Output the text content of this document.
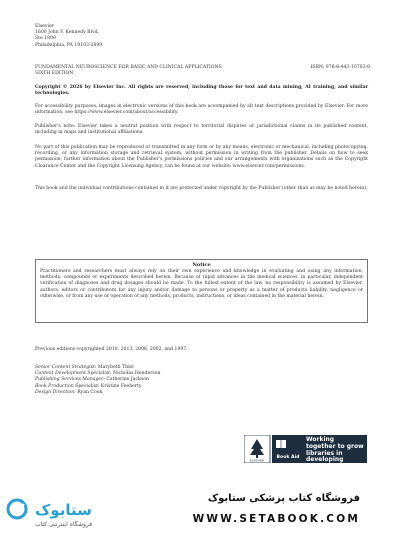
Elsevier
1600 John F. Kennedy Blvd.
Ste 1800
Philadelphia, PA 19103-2899
FUNDAMENTAL NEUROSCIENCE FOR BASIC AND CLINICAL APPLICATIONS
SIXTH EDITION
ISBN: 978-0-443-10703-0
Copyright © 2026 by Elsevier Inc. All rights are reserved, including those for text and data mining, AI training, and similar technologies.
For accessibility purposes, images in electronic versions of this book are accompanied by alt text descriptions provided by Elsevier. For more information, see https://www.elsevier.com/about/accessibility.
Publisher's note: Elsevier takes a neutral position with respect to territorial disputes or jurisdictional claims in its published content, including in maps and institutional affiliations.
No part of this publication may be reproduced or transmitted in any form or by any means, electronic or mechanical, including photocopying, recording, or any information storage and retrieval system, without permission in writing from the publisher. Details on how to seek permission, further information about the Publisher's permissions policies and our arrangements with organizations such as the Copyright Clearance Center and the Copyright Licensing Agency, can be found at our website: www.elsevier.com/permissions.
This book and the individual contributions contained in it are protected under copyright by the Publisher (other than as may be noted herein).
Notice
Practitioners and researchers must always rely on their own experience and knowledge in evaluating and using any information, methods, compounds or experiments described herein. Because of rapid advances in the medical sciences, in particular, independent verification of diagnoses and drug dosages should be made. To the fullest extent of the law, no responsibility is assumed by Elsevier, authors, editors or contributors for any injury and/or damage to persons or property as a matter of products liability, negligence or otherwise, or from any use or operation of any methods, products, instructions, or ideas contained in the material herein.
Previous editions copyrighted 2018, 2013, 2006, 2002, and 1997.
Senior Content Strategist: Marybeth Thiel
Content Development Specialist: Nicholas Henderson
Publishing Services Manager: Catherine Jackson
Book Production Specialist: Kristine Feeherty
Design Direction: Ryan Cook
ELSEVIER
Book Aid
Working together to grow libraries in developing
ستابوک
فروشگاه اینترنتی کتاب
فروشگاه کتاب پزشکی ستابوک
WWW.SETABOOK.COM
